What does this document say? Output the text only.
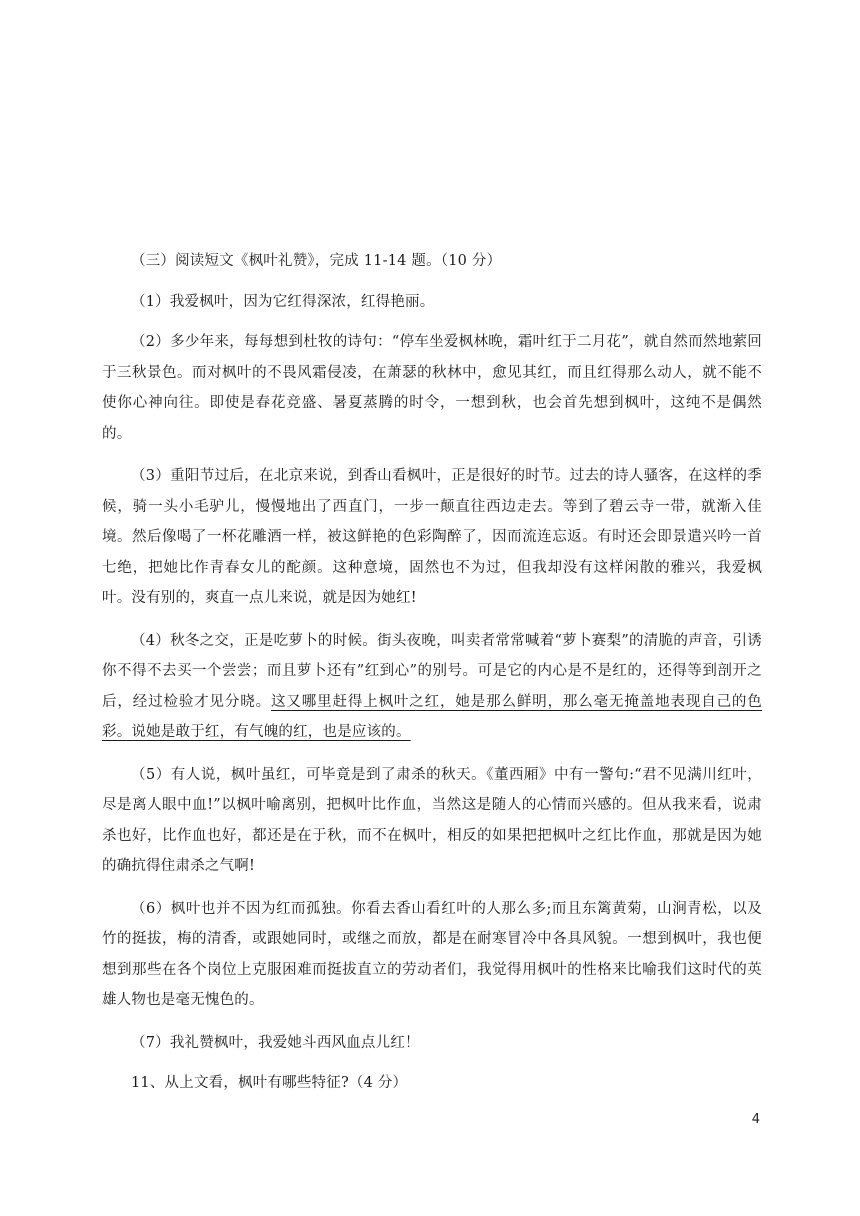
（三）阅读短文《枫叶礼赞》，完成 11-14 题。（10 分）

（1）我爱枫叶，因为它红得深浓，红得艳丽。

（2）多少年来，每每想到杜牧的诗句：“停车坐爱枫林晚，霜叶红于二月花”，就自然而然地萦回于三秋景色。而对枫叶的不畏风霜侵凌，在萧瑟的秋林中，愈见其红，而且红得那么动人，就不能不使你心神向往。即使是春花竞盛、暑夏蒸腾的时令，一想到秋，也会首先想到枫叶，这纯不是偶然的。

（3）重阳节过后，在北京来说，到香山看枫叶，正是很好的时节。过去的诗人骚客，在这样的季候，骑一头小毛驴儿，慢慢地出了西直门，一步一颠直往西边走去。等到了碧云寺一带，就渐入佳境。然后像喝了一杯花雕酒一样，被这鲜艳的色彩陶醉了，因而流连忘返。有时还会即景遣兴吟一首七绝，把她比作青春女儿的酡颜。这种意境，固然也不为过，但我却没有这样闲散的雅兴，我爱枫叶。没有别的，爽直一点儿来说，就是因为她红!

（4）秋冬之交，正是吃萝卜的时候。街头夜晚，叫卖者常常喊着“萝卜赛梨”的清脆的声音，引诱你不得不去买一个尝尝；而且萝卜还有”红到心”的别号。可是它的内心是不是红的，还得等到剖开之后，经过检验才见分晓。这又哪里赶得上枫叶之红，她是那么鲜明，那么毫无掩盖地表现自己的色彩。说她是敢于红，有气魄的红，也是应该的。

（5）有人说，枫叶虽红，可毕竟是到了肃杀的秋天。《董西厢》中有一警句:“君不见满川红叶，尽是离人眼中血!”以枫叶喻离别，把枫叶比作血，当然这是随人的心情而兴感的。但从我来看，说肃杀也好，比作血也好，都还是在于秋，而不在枫叶，相反的如果把把枫叶之红比作血，那就是因为她的确抗得住肃杀之气啊!

（6）枫叶也并不因为红而孤独。你看去香山看红叶的人那么多;而且东篱黄菊，山涧青松，以及竹的挺拔，梅的清香，或跟她同时，或继之而放，都是在耐寒冒冷中各具风貌。一想到枫叶，我也便想到那些在各个岗位上克服困难而挺拔直立的劳动者们，我觉得用枫叶的性格来比喻我们这时代的英雄人物也是毫无愧色的。

（7）我礼赞枫叶，我爱她斗西风血点儿红！

11、从上文看，枫叶有哪些特征?（4 分）

4
